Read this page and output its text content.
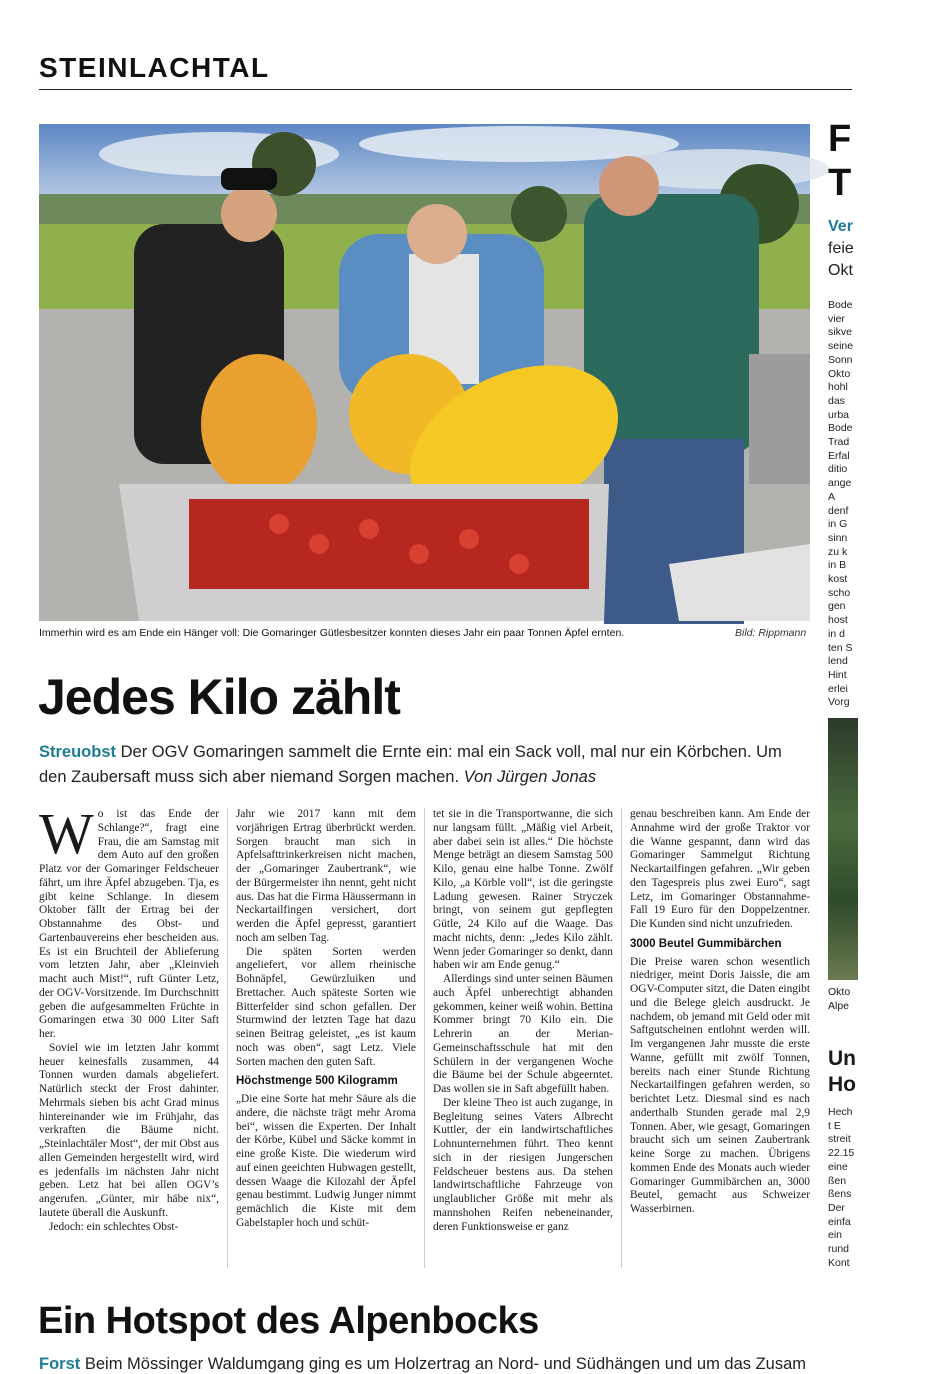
STEINLACHTAL
Immerhin wird es am Ende ein Hänger voll: Die Gomaringer Gütlesbesitzer konnten dieses Jahr ein paar Tonnen Äpfel ernten.	Bild: Rippmann
Jedes Kilo zählt
Streuobst Der OGV Gomaringen sammelt die Ernte ein: mal ein Sack voll, mal nur ein Körbchen. Um den Zaubersaft muss sich aber niemand Sorgen machen. Von Jürgen Jonas

Wo ist das Ende der Schlange?“, fragt eine Frau, die am Samstag mit dem Auto auf den großen Platz vor der Gomaringer Feldscheuer fährt, um ihre Äpfel abzugeben. Tja, es gibt keine Schlange. In diesem Oktober fällt der Ertrag bei der Obstannahme des Obst- und Gartenbauvereins eher bescheiden aus. Es ist ein Bruchteil der Ablieferung vom letzten Jahr, aber „Kleinvieh macht auch Mist!“, ruft Günter Letz, der OGV-Vorsitzende. Im Durchschnitt geben die aufgesammelten Früchte in Gomaringen etwa 30 000 Liter Saft her.

Soviel wie im letzten Jahr kommt heuer keinesfalls zusammen, 44 Tonnen wurden damals abgeliefert. Natürlich steckt der Frost dahinter. Mehrmals sieben bis acht Grad minus hintereinander wie im Frühjahr, das verkraften die Bäume nicht. „Steinlachtäler Most“, der mit Obst aus allen Gemeinden hergestellt wird, wird es jedenfalls im nächsten Jahr nicht geben. Letz hat bei allen OGV’s angerufen. „Günter, mir häbe nix“, lautete überall die Auskunft.

Jedoch: ein schlechtes Obst-

Jahr wie 2017 kann mit dem vorjährigen Ertrag überbrückt werden. Sorgen braucht man sich in Apfelsafttrinkerkreisen nicht machen, der „Gomaringer Zaubertrank“, wie der Bürgermeister ihn nennt, geht nicht aus. Das hat die Firma Häussermann in Neckartailfingen versichert, dort werden die Äpfel gepresst, garantiert noch am selben Tag.

Die späten Sorten werden angeliefert, vor allem rheinische Bohnäpfel, Gewürzluiken und Brettacher. Auch späteste Sorten wie Bitterfelder sind schon gefallen. Der Sturmwind der letzten Tage hat dazu seinen Beitrag geleistet, „es ist kaum noch was oben“, sagt Letz. Viele Sorten machen den guten Saft.

Höchstmenge 500 Kilogramm

„Die eine Sorte hat mehr Säure als die andere, die nächste trägt mehr Aroma bei“, wissen die Experten. Der Inhalt der Körbe, Kübel und Säcke kommt in eine große Kiste. Die wiederum wird auf einen geeichten Hubwagen gestellt, dessen Waage die Kilozahl der Äpfel genau bestimmt. Ludwig Junger nimmt gemächlich die Kiste mit dem Gabelstapler hoch und schüt-

tet sie in die Transportwanne, die sich nur langsam füllt. „Mäßig viel Arbeit, aber dabei sein ist alles.“ Die höchste Menge beträgt an diesem Samstag 500 Kilo, genau eine halbe Tonne. Zwölf Kilo, „a Körble voll“, ist die geringste Ladung gewesen. Rainer Stryczek bringt, von seinem gut gepflegten Gütle, 24 Kilo auf die Waage. Das macht nichts, denn: „Jedes Kilo zählt. Wenn jeder Gomaringer so denkt, dann haben wir am Ende genug.“

Allerdings sind unter seinen Bäumen auch Äpfel unberechtigt abhanden gekommen, keiner weiß wohin. Bettina Kommer bringt 70 Kilo ein. Die Lehrerin an der Merian-Gemeinschaftsschule hat mit den Schülern in der vergangenen Woche die Bäume bei der Schule abgeerntet. Das wollen sie in Saft abgefüllt haben.

Der kleine Theo ist auch zugange, in Begleitung seines Vaters Albrecht Kuttler, der ein landwirtschaftliches Lohnunternehmen führt. Theo kennt sich in der riesigen Jungerschen Feldscheuer bestens aus. Da stehen landwirtschaftliche Fahrzeuge von unglaublicher Größe mit mehr als mannshohen Reifen nebeneinander, deren Funktionsweise er ganz

genau beschreiben kann. Am Ende der Annahme wird der große Traktor vor die Wanne gespannt, dann wird das Gomaringer Sammelgut Richtung Neckartailfingen gefahren. „Wir geben den Tagespreis plus zwei Euro“, sagt Letz, im Gomaringer Obstannahme-Fall 19 Euro für den Doppelzentner. Die Kunden sind nicht unzufrieden.

3000 Beutel Gummibärchen

Die Preise waren schon wesentlich niedriger, meint Doris Jaissle, die am OGV-Computer sitzt, die Daten eingibt und die Belege gleich ausdruckt. Je nachdem, ob jemand mit Geld oder mit Saftgutscheinen entlohnt werden will. Im vergangenen Jahr musste die erste Wanne, gefüllt mit zwölf Tonnen, bereits nach einer Stunde Richtung Neckartailfingen gefahren werden, so berichtet Letz. Diesmal sind es nach anderthalb Stunden gerade mal 2,9 Tonnen. Aber, wie gesagt, Gomaringen braucht sich um seinen Zaubertrank keine Sorge zu machen. Übrigens kommen Ende des Monats auch wieder Gomaringer Gummibärchen an, 3000 Beutel, gemacht aus Schweizer Wasserbirnen.

Ein Hotspot des Alpenbocks
Forst Beim Mössinger Waldumgang ging es um Holzertrag an Nord- und Südhängen und um das Zusam
F
T
Ver
feie
Okt
Bode
vier
sikve
seine
Sonn
Okto
hohl
das
urba
Bode
Trad
Erfal
ditio
ange
A
denf
in G
sinn
zu k
in B
kost
scho
gen
host
in d
ten S
lend
Hint
erlei
Vorg
Okto
Alpe
Un
Ho
Hech
t E
streit
22.15
eine
ßen
ßens
Der
einfa
ein
rund
Kont
